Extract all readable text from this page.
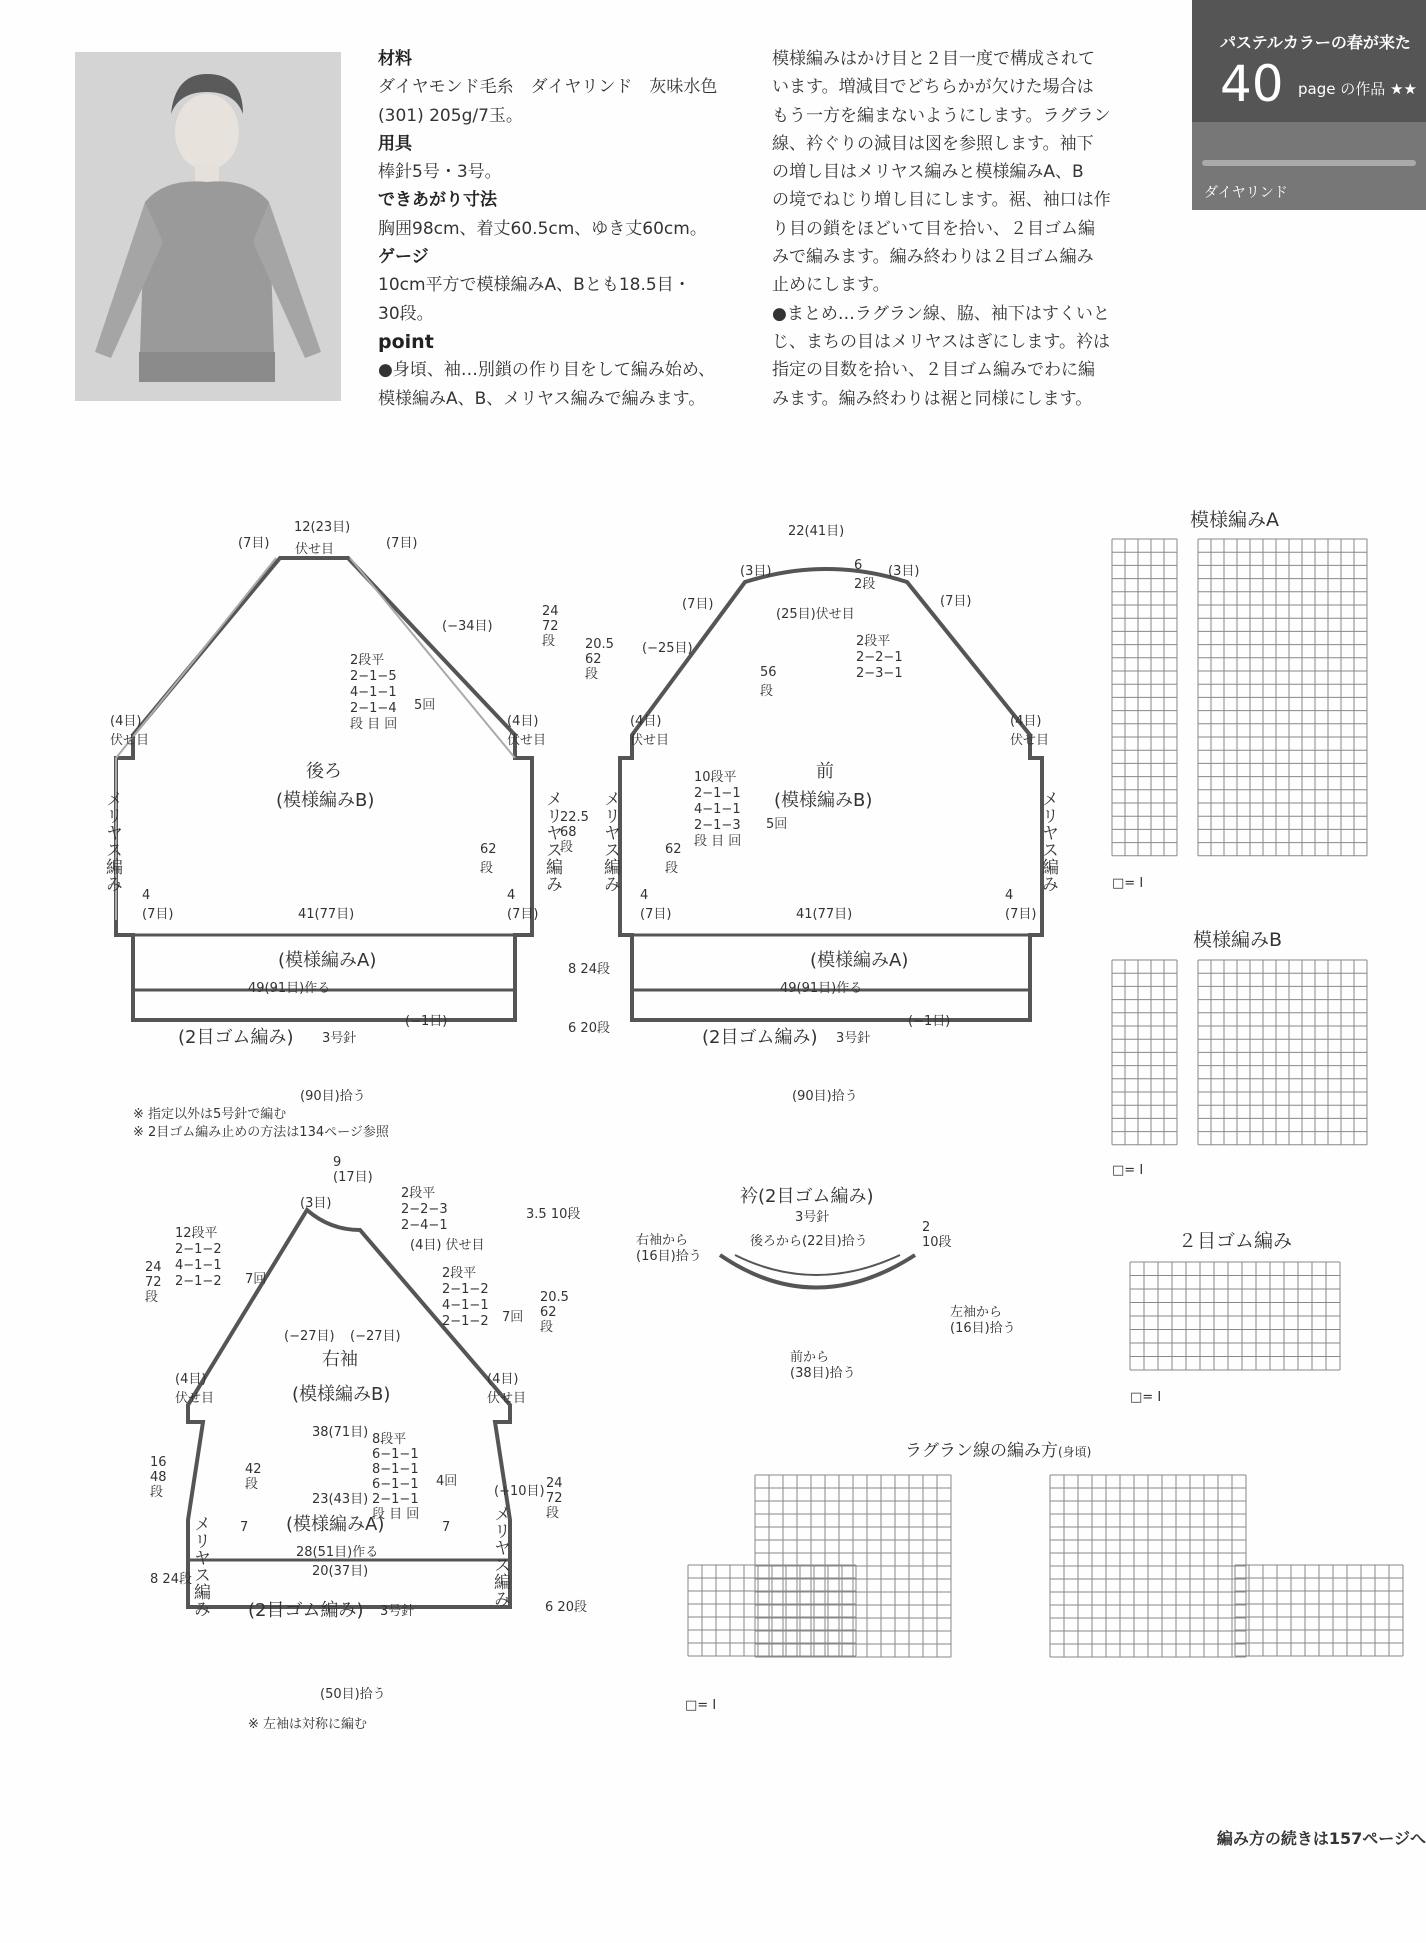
材料
ダイヤモンド毛糸　ダイヤリンド　灰味水色
(301) 205g/7玉。
用具
棒針5号・3号。
できあがり寸法
胸囲98cm、着丈60.5cm、ゆき丈60cm。
ゲージ
10cm平方で模様編みA、Bとも18.5目・
30段。
point
●身頃、袖…別鎖の作り目をして編み始め、
模様編みA、B、メリヤス編みで編みます。
模様編みはかけ目と２目一度で構成されて
います。増減目でどちらかが欠けた場合は
もう一方を編まないようにします。ラグラン
線、衿ぐりの減目は図を参照します。袖下
の増し目はメリヤス編みと模様編みA、B
の境でねじり増し目にします。裾、袖口は作
り目の鎖をほどいて目を拾い、２目ゴム編
みで編みます。編み終わりは２目ゴム編み
止めにします。
●まとめ…ラグラン線、脇、袖下はすくいと
じ、まちの目はメリヤスはぎにします。衿は
指定の目数を拾い、２目ゴム編みでわに編
みます。編み終わりは裾と同様にします。
パステルカラーの春が来た
40 page の作品 ★★
ダイヤリンド
12(23目)
(7目) 伏せ目	(7目)
(−34目)
2段平
2−1−5
4−1−1
2−1−4
段 目 回
5回
(4目)
伏せ目
(4目)
伏せ目
後ろ
(模様編みB)
62
段
メリヤス編み	メリヤス編み
4
(7目)
4
(7目)
41(77目)
(模様編みA)
49(91目)作る
(−1目)
(2目ゴム編み) 3号針
(90目)拾う
22(41目)
(3目)	6
2段
(3目)
(7目)
(25目)伏せ目
(7目)
(−25目)	2段平
2−2−1
2−3−1
56
段
前
(模様編みB)
10段平
2−1−1
4−1−1
2−1−3
段 目 回
5回
(4目)
伏せ目
(4目)
伏せ目
62
段
メリヤス編み	メリヤス編み
4
(7目)
4
(7目)
41(77目)
(模様編みA)
49(91目)作る
(−1目)
(2目ゴム編み) 3号針
(90目)拾う
24
72
段 20.5
62
段
22.5
68
段
8 24段
6 20段
※ 指定以外は5号針で編む
※ 2目ゴム編み止めの方法は134ページ参照
9
(17目)
(3目)
2段平
2−2−3
2−4−1
(4目) 伏せ目
12段平
2−1−2
4−1−1
2−1−2 7回	2段平
2−1−2
4−1−1
2−1−2 7回
24
72
段
3.5 10段
20.5
62
段
(−27目) (−27目)
右袖
(模様編みB)
(4目)
伏せ目
(4目)
伏せ目
38(71目) 8段平
6−1−1
8−1−1
6−1−1
2−1−1
段 目 回
4回
(+10目)
16
48
段
42
段	24
72
段
23(43目)
(模様編みA)
7	7
28(51目)作る
20(37目)
8 24段
(2目ゴム編み) 3号針	6 20段
メリヤス編み	メリヤス編み
(50目)拾う
※ 左袖は対称に編む
衿(2目ゴム編み)
3号針
右袖から
(16目)拾う
後ろから(22目)拾う
2
10段
左袖から
(16目)拾う
前から
(38目)拾う
模様編みA
□= I
模様編みB
□= I
２目ゴム編み
□= I
ラグラン線の編み方(身頃)
□= I
編み方の続きは157ページへ
